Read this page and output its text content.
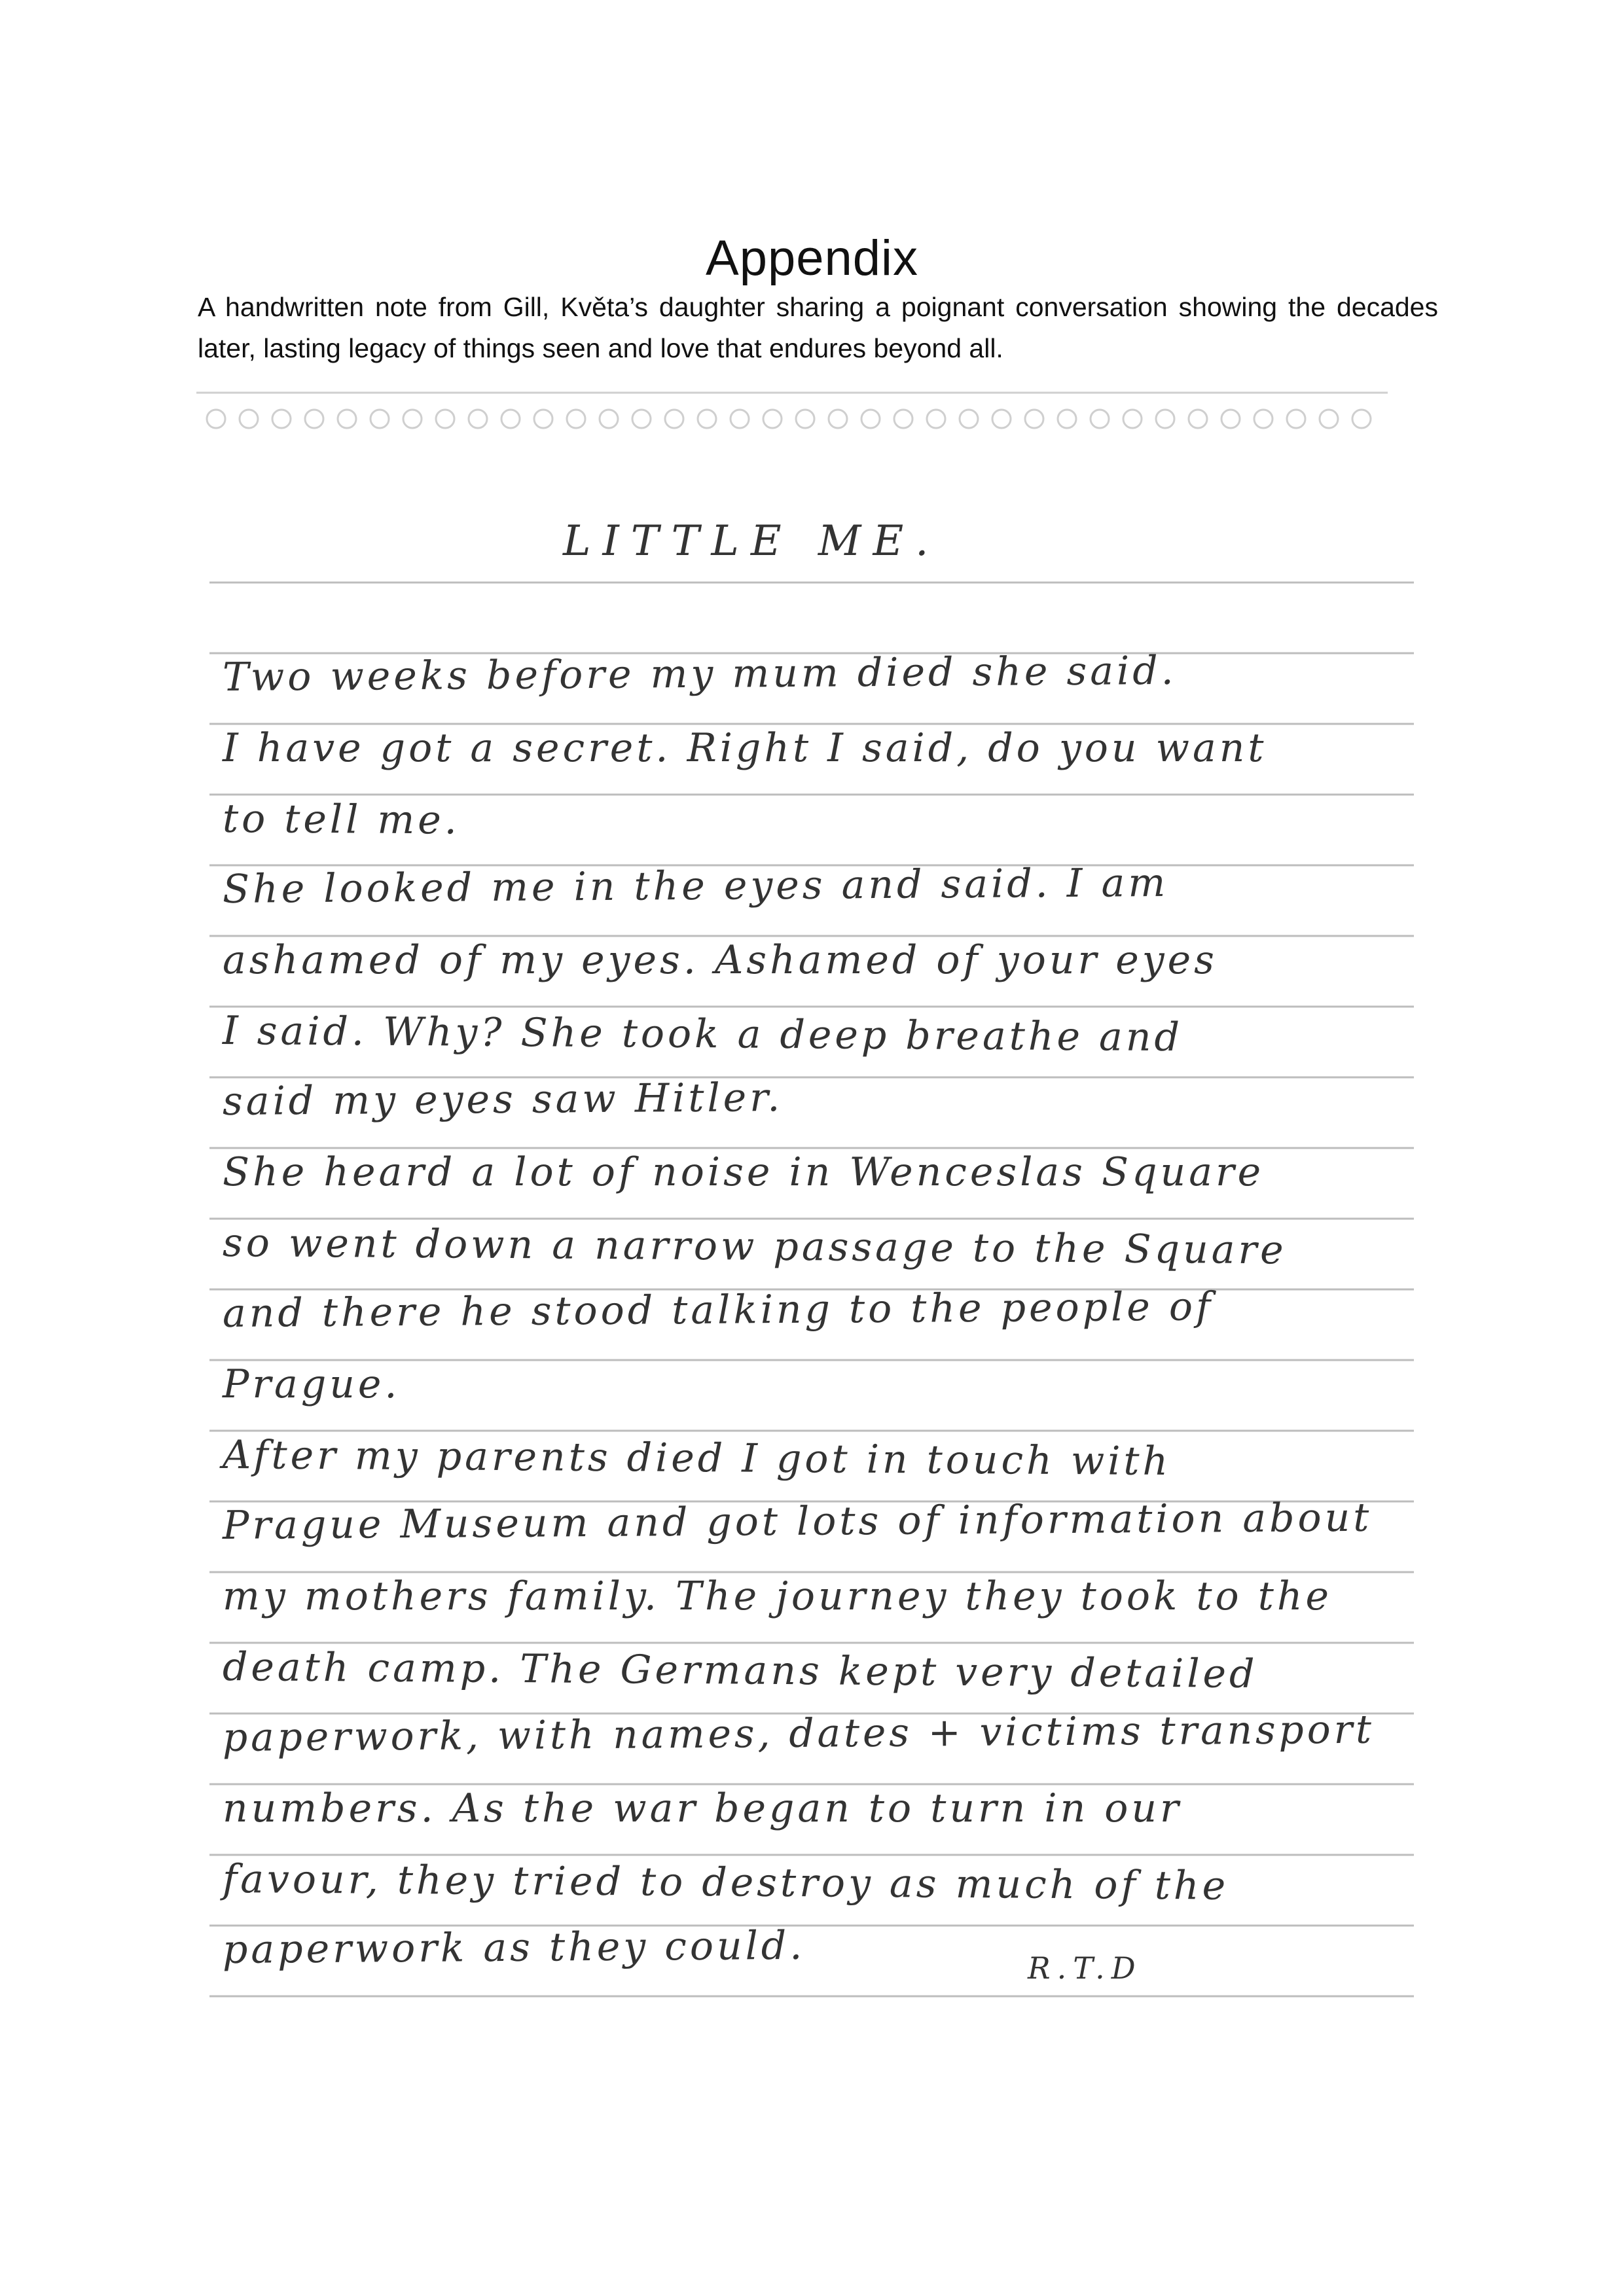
Appendix

A handwritten note from Gill, Květa’s daughter sharing a poignant conversation showing the decades later, lasting legacy of things seen and love that endures beyond all.

LITTLE ME.
Two weeks before my mum died she said.
I have got a secret. Right I said, do you want
to tell me.
She looked me in the eyes and said. I am
ashamed of my eyes. Ashamed of your eyes
I said. Why? She took a deep breathe and
said my eyes saw Hitler.
She heard a lot of noise in Wenceslas Square
so went down a narrow passage to the Square
and there he stood talking to the people of
Prague.
After my parents died I got in touch with
Prague Museum and got lots of information about
my mothers family. The journey they took to the
death camp. The Germans kept very detailed
paperwork, with names, dates + victims transport
numbers. As the war began to turn in our
favour, they tried to destroy as much of the
paperwork as they could.	R.T.D
